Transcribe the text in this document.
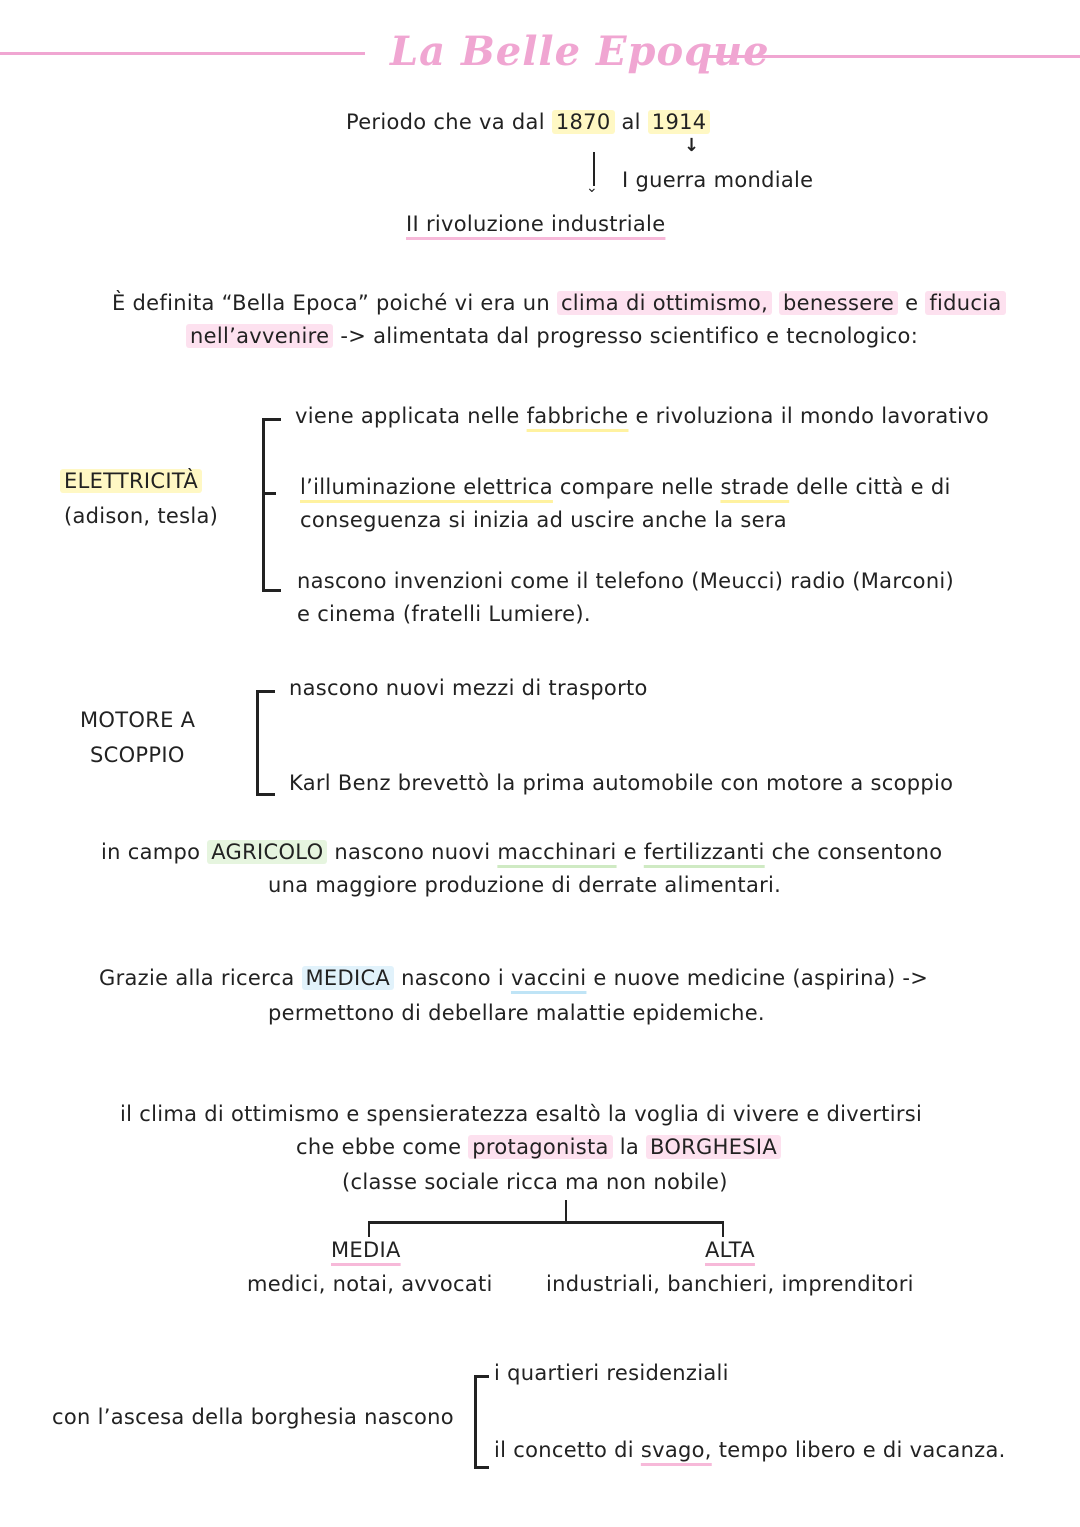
La Belle Epoque
Periodo che va dal 1870 al 1914
↓
⌄ I guerra mondiale
II rivoluzione industriale
È definita “Bella Epoca” poiché vi era un clima di ottimismo, benessere e fiducia
nell’avvenire -> alimentata dal progresso scientifico e tecnologico:
ELETTRICITÀ
(adison, tesla)
viene applicata nelle fabbriche e rivoluziona il mondo lavorativo
l’illuminazione elettrica compare nelle strade delle città e di
conseguenza si inizia ad uscire anche la sera
nascono invenzioni come il telefono (Meucci) radio (Marconi)
e cinema (fratelli Lumiere).
MOTORE A
SCOPPIO
nascono nuovi mezzi di trasporto
Karl Benz brevettò la prima automobile con motore a scoppio
in campo AGRICOLO nascono nuovi macchinari e fertilizzanti che consentono
una maggiore produzione di derrate alimentari.
Grazie alla ricerca MEDICA nascono i vaccini e nuove medicine (aspirina) ->
permettono di debellare malattie epidemiche.
il clima di ottimismo e spensieratezza esaltò la voglia di vivere e divertirsi
che ebbe come protagonista la BORGHESIA
(classe sociale ricca ma non nobile)
MEDIA
medici, notai, avvocati
ALTA
industriali, banchieri, imprenditori
con l’ascesa della borghesia nascono
i quartieri residenziali
il concetto di svago, tempo libero e di vacanza.
